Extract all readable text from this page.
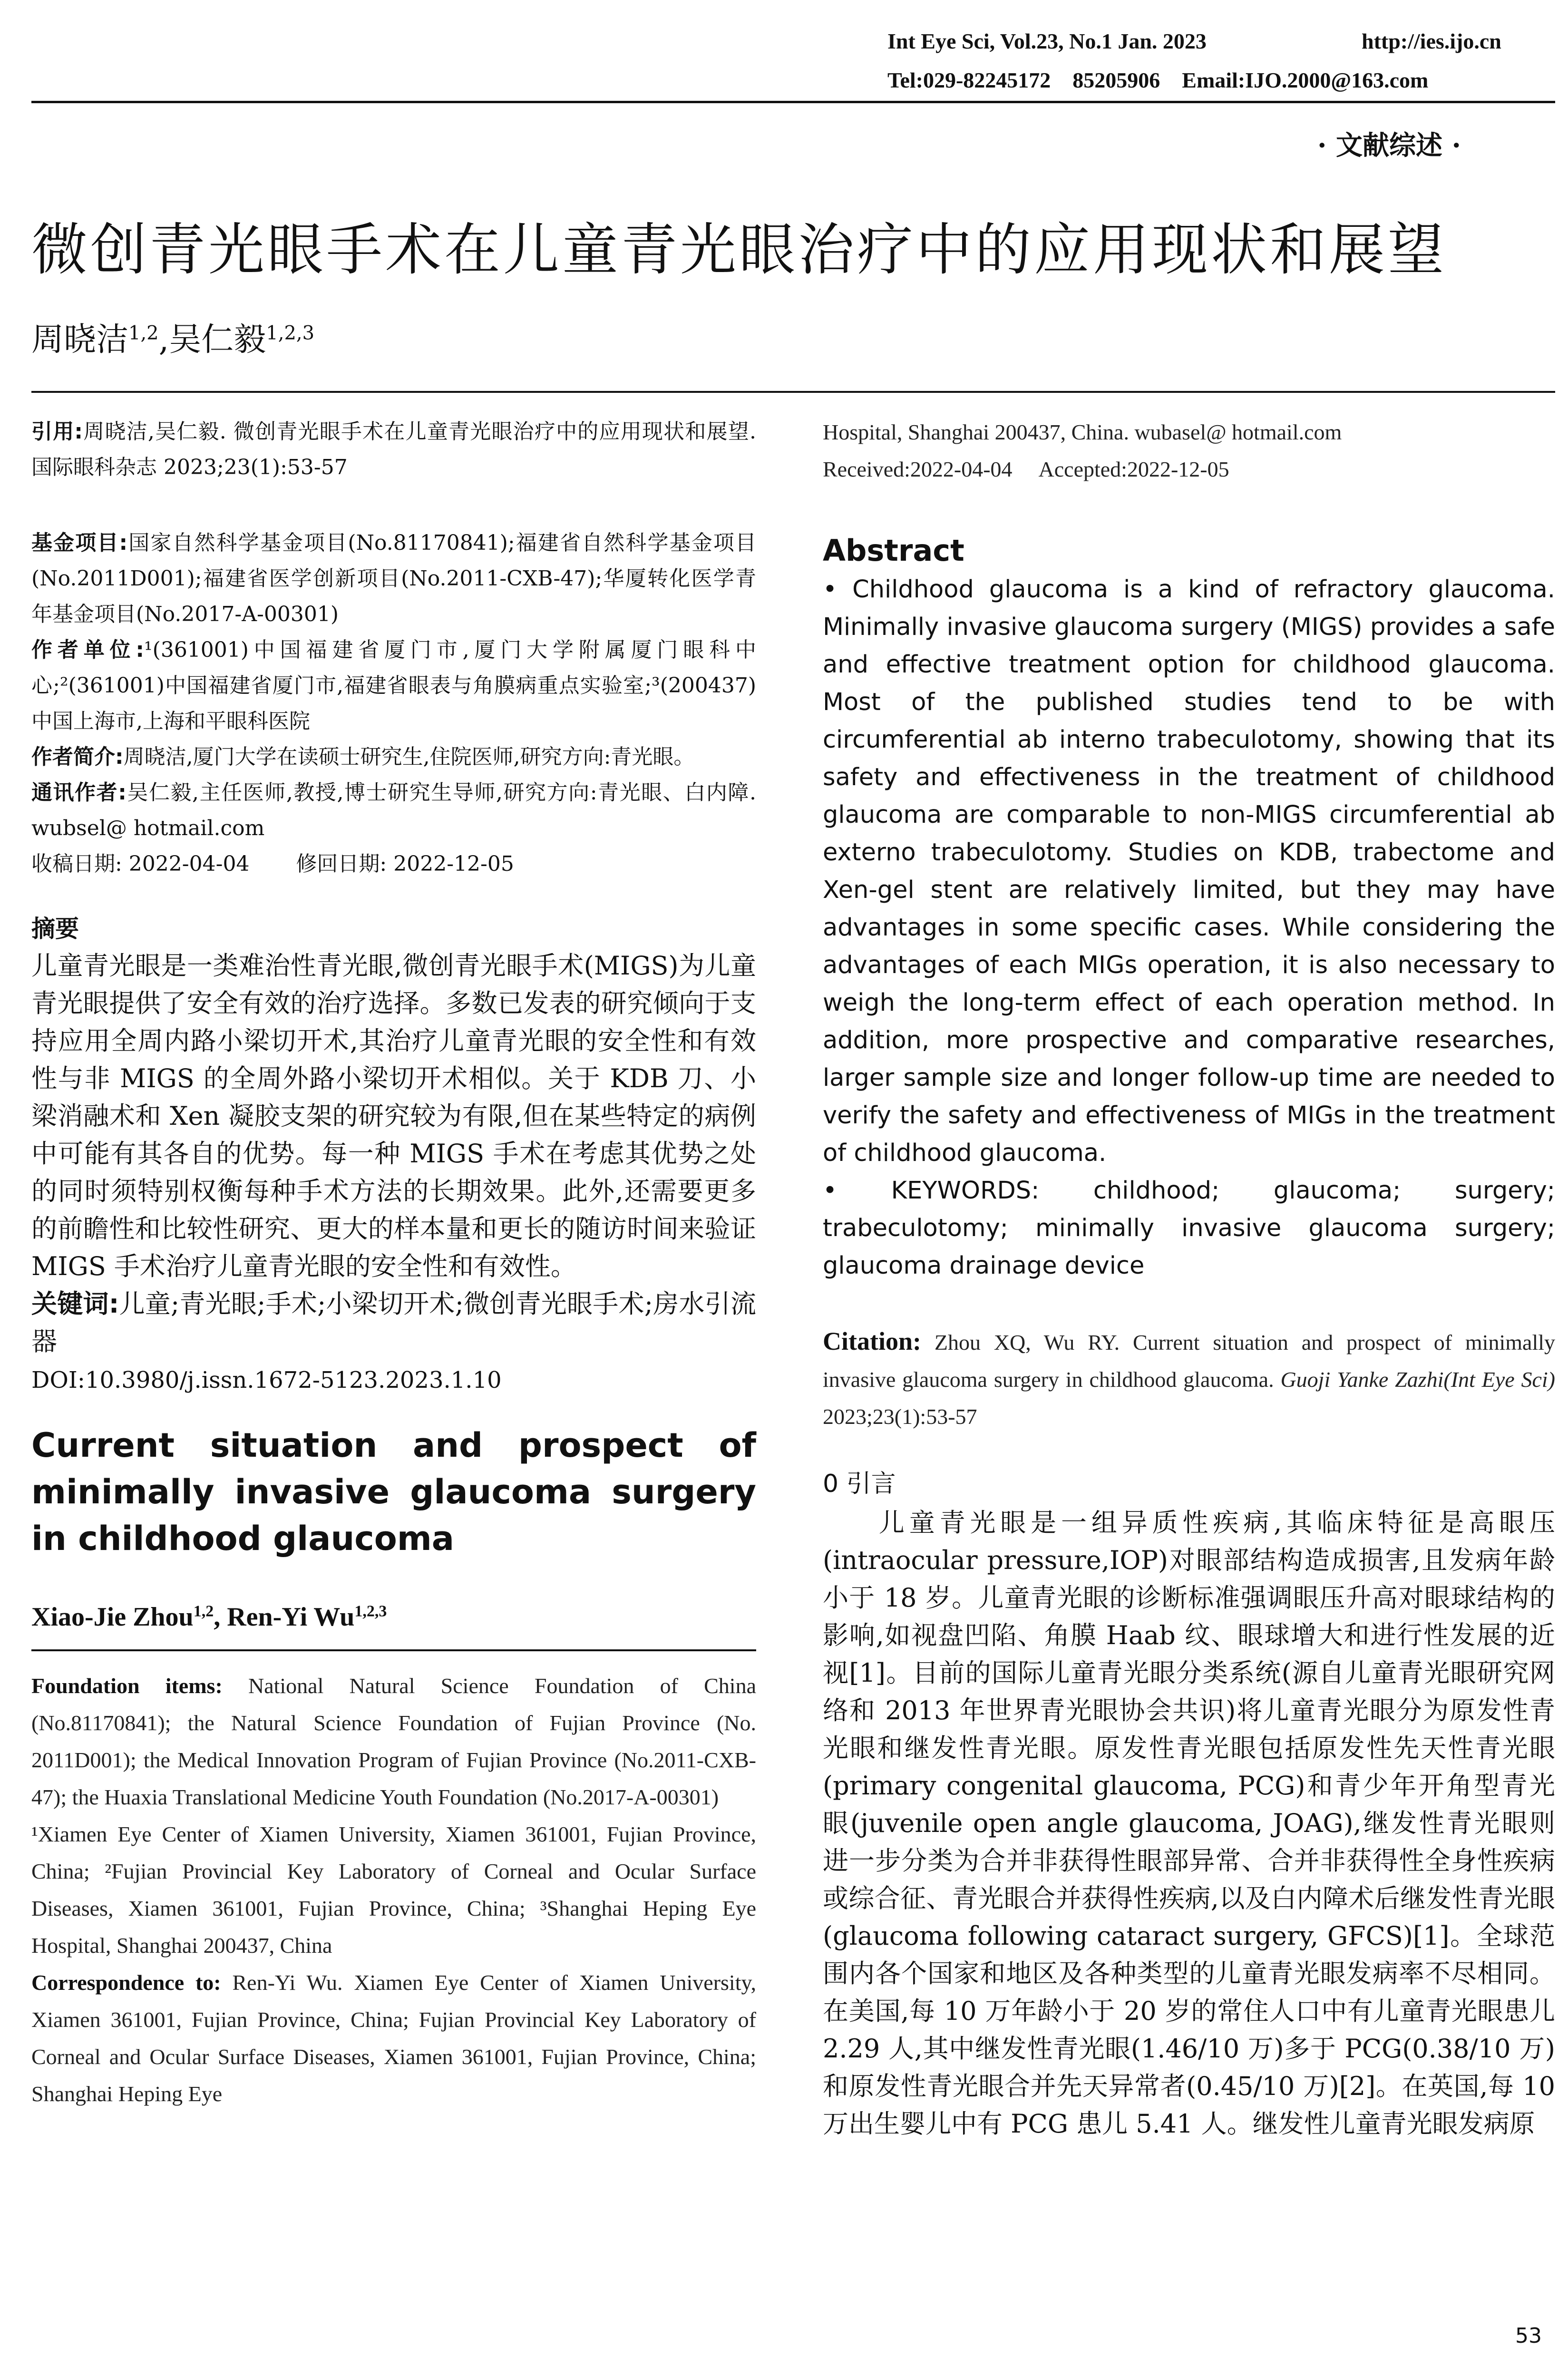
Int Eye Sci, Vol.23, No.1 Jan. 2023	http://ies.ijo.cn
Tel:029-82245172    85205906    Email:IJO.2000@163.com
· 文献综述 ·
微创青光眼手术在儿童青光眼治疗中的应用现状和展望
周晓洁$^{1,2}$,吴仁毅$^{1,2,3}$

引用:周晓洁,吴仁毅. 微创青光眼手术在儿童青光眼治疗中的应用现状和展望. 国际眼科杂志 2023;23(1):53-57

基金项目:国家自然科学基金项目(No.81170841);福建省自然科学基金项目(No.2011D001);福建省医学创新项目(No.2011-CXB-47);华厦转化医学青年基金项目(No.2017-A-00301)

作者单位:¹(361001)中国福建省厦门市,厦门大学附属厦门眼科中心;²(361001)中国福建省厦门市,福建省眼表与角膜病重点实验室;³(200437)中国上海市,上海和平眼科医院

作者简介:周晓洁,厦门大学在读硕士研究生,住院医师,研究方向:青光眼。

通讯作者:吴仁毅,主任医师,教授,博士研究生导师,研究方向:青光眼、白内障. wubsel@ hotmail.com

收稿日期: 2022-04-04       修回日期: 2022-12-05

摘要

儿童青光眼是一类难治性青光眼,微创青光眼手术(MIGS)为儿童青光眼提供了安全有效的治疗选择。多数已发表的研究倾向于支持应用全周内路小梁切开术,其治疗儿童青光眼的安全性和有效性与非 MIGS 的全周外路小梁切开术相似。关于 KDB 刀、小梁消融术和 Xen 凝胶支架的研究较为有限,但在某些特定的病例中可能有其各自的优势。每一种 MIGS 手术在考虑其优势之处的同时须特别权衡每种手术方法的长期效果。此外,还需要更多的前瞻性和比较性研究、更大的样本量和更长的随访时间来验证 MIGS 手术治疗儿童青光眼的安全性和有效性。

关键词:儿童;青光眼;手术;小梁切开术;微创青光眼手术;房水引流器

DOI:10.3980/j.issn.1672-5123.2023.1.10

Current situation and prospect of minimally invasive glaucoma surgery in childhood glaucoma

Xiao-Jie Zhou$^{1,2}$, Ren-Yi Wu$^{1,2,3}$

Foundation items: National Natural Science Foundation of China (No.81170841); the Natural Science Foundation of Fujian Province (No. 2011D001); the Medical Innovation Program of Fujian Province (No.2011-CXB-47); the Huaxia Translational Medicine Youth Foundation (No.2017-A-00301)

¹Xiamen Eye Center of Xiamen University, Xiamen 361001, Fujian Province, China; ²Fujian Provincial Key Laboratory of Corneal and Ocular Surface Diseases, Xiamen 361001, Fujian Province, China; ³Shanghai Heping Eye Hospital, Shanghai 200437, China

Correspondence to: Ren-Yi Wu. Xiamen Eye Center of Xiamen University, Xiamen 361001, Fujian Province, China; Fujian Provincial Key Laboratory of Corneal and Ocular Surface Diseases, Xiamen 361001, Fujian Province, China; Shanghai Heping Eye

Hospital, Shanghai 200437, China. wubasel@ hotmail.com

Received:2022-04-04     Accepted:2022-12-05

Abstract

• Childhood glaucoma is a kind of refractory glaucoma. Minimally invasive glaucoma surgery (MIGS) provides a safe and effective treatment option for childhood glaucoma. Most of the published studies tend to be with circumferential ab interno trabeculotomy, showing that its safety and effectiveness in the treatment of childhood glaucoma are comparable to non-MIGS circumferential ab externo trabeculotomy. Studies on KDB, trabectome and Xen-gel stent are relatively limited, but they may have advantages in some specific cases. While considering the advantages of each MIGs operation, it is also necessary to weigh the long-term effect of each operation method. In addition, more prospective and comparative researches, larger sample size and longer follow-up time are needed to verify the safety and effectiveness of MIGs in the treatment of childhood glaucoma.

• KEYWORDS: childhood; glaucoma; surgery; trabeculotomy; minimally invasive glaucoma surgery; glaucoma drainage device

Citation: Zhou XQ, Wu RY. Current situation and prospect of minimally invasive glaucoma surgery in childhood glaucoma. Guoji Yanke Zazhi(Int Eye Sci) 2023;23(1):53-57

0 引言

儿童青光眼是一组异质性疾病,其临床特征是高眼压(intraocular pressure,IOP)对眼部结构造成损害,且发病年龄小于 18 岁。儿童青光眼的诊断标准强调眼压升高对眼球结构的影响,如视盘凹陷、角膜 Haab 纹、眼球增大和进行性发展的近视[1]。目前的国际儿童青光眼分类系统(源自儿童青光眼研究网络和 2013 年世界青光眼协会共识)将儿童青光眼分为原发性青光眼和继发性青光眼。原发性青光眼包括原发性先天性青光眼(primary congenital glaucoma, PCG)和青少年开角型青光眼(juvenile open angle glaucoma, JOAG),继发性青光眼则进一步分类为合并非获得性眼部异常、合并非获得性全身性疾病或综合征、青光眼合并获得性疾病,以及白内障术后继发性青光眼(glaucoma following cataract surgery, GFCS)[1]。全球范围内各个国家和地区及各种类型的儿童青光眼发病率不尽相同。在美国,每 10 万年龄小于 20 岁的常住人口中有儿童青光眼患儿 2.29 人,其中继发性青光眼(1.46/10 万)多于 PCG(0.38/10 万)和原发性青光眼合并先天异常者(0.45/10 万)[2]。在英国,每 10 万出生婴儿中有 PCG 患儿 5.41 人。继发性儿童青光眼发病原

53
